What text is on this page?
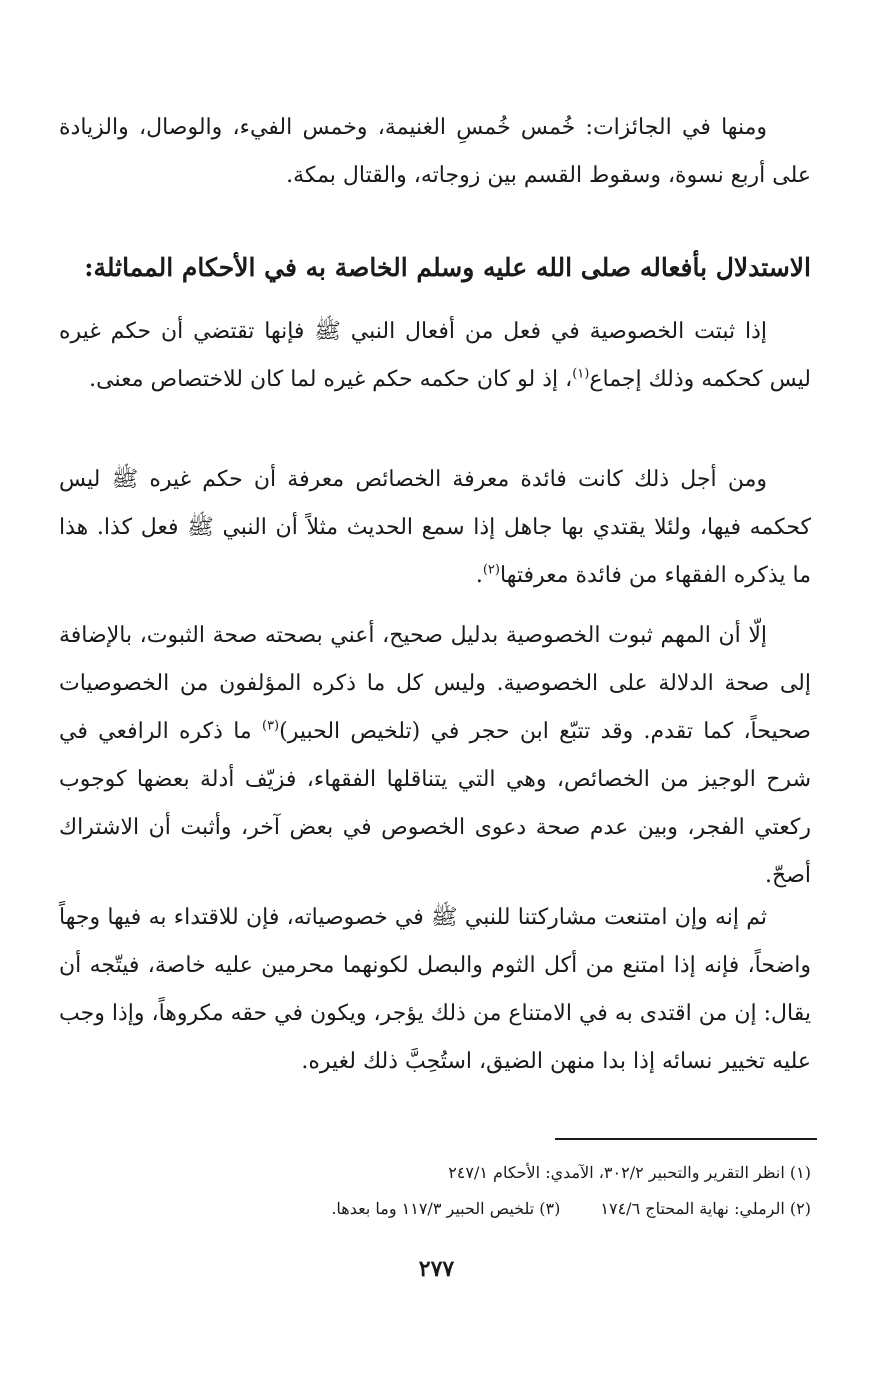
ومنها في الجائزات: خُمس خُمسِ الغنيمة، وخمس الفيء، والوصال، والزيادة على أربع نسوة، وسقوط القسم بين زوجاته، والقتال بمكة.
الاستدلال بأفعاله صلى الله عليه وسلم الخاصة به في الأحكام المماثلة:
إذا ثبتت الخصوصية في فعل من أفعال النبي ﷺ فإنها تقتضي أن حكم غيره ليس كحكمه وذلك إجماع$^{(١)}$، إذ لو كان حكمه حكم غيره لما كان للاختصاص معنى.
ومن أجل ذلك كانت فائدة معرفة الخصائص معرفة أن حكم غيره ﷺ ليس كحكمه فيها، ولئلا يقتدي بها جاهل إذا سمع الحديث مثلاً أن النبي ﷺ فعل كذا. هذا ما يذكره الفقهاء من فائدة معرفتها$^{(٢)}$.
إلّا أن المهم ثبوت الخصوصية بدليل صحيح، أعني بصحته صحة الثبوت، بالإضافة إلى صحة الدلالة على الخصوصية. وليس كل ما ذكره المؤلفون من الخصوصيات صحيحاً، كما تقدم. وقد تتبّع ابن حجر في (تلخيص الحبير)$^{(٣)}$ ما ذكره الرافعي في شرح الوجيز من الخصائص، وهي التي يتناقلها الفقهاء، فزيّف أدلة بعضها كوجوب ركعتي الفجر، وبين عدم صحة دعوى الخصوص في بعض آخر، وأثبت أن الاشتراك أصحّ.
ثم إنه وإن امتنعت مشاركتنا للنبي ﷺ في خصوصياته، فإن للاقتداء به فيها وجهاً واضحاً، فإنه إذا امتنع من أكل الثوم والبصل لكونهما محرمين عليه خاصة، فيتّجه أن يقال: إن من اقتدى به في الامتناع من ذلك يؤجر، ويكون في حقه مكروهاً، وإذا وجب عليه تخيير نسائه إذا بدا منهن الضيق، استُحِبَّ ذلك لغيره.
(١) انظر التقرير والتحبير ٣٠٢/٢، الآمدي: الأحكام ٢٤٧/١
(٢) الرملي: نهاية المحتاج ١٧٤/٦
(٣) تلخيص الحبير ١١٧/٣ وما بعدها.
٢٧٧
